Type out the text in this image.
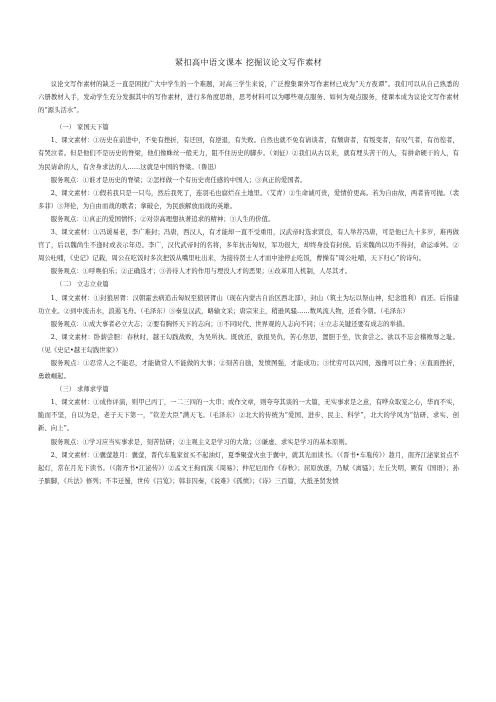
紧扣高中语文课本 挖掘议论文写作素材

议论文写作素材的缺乏一直是困扰广大中学生的一个难题，对高三学生来说，广泛搜集课外写作素材已成为“天方夜谭”。我们可以从自己熟悉的六册教材入手，发动学生充分发掘其中的写作素材，进行多角度思维，思考材料可以为哪些观点服务、如何为观点服务，使课本成为议论文写作素材的“源头活水”。

（一） 家国天下篇

1、课文素材：①历史在前进中，不免有挫折，有迂回，有逆退，有失败。自然也就不免有请谈者，有颓唐者，有叛变者，有叹气者，有彷徨者，有哭泣者。但是他们不是历史的脊梁，他们像蛛丝一般无力，阻不住历史的脚步。（刘征）②我们从古以来，就有埋头苦干的人，有拼命硬干的人，有为民请命的人，有舍身求法的人……这就是中国的脊梁。（鲁迅）

服务观点：①谁才是历史的脊梁；②怎样做一个有历史责任感的中国人；③真正的爱国者。

2、课文素材：①假若我只是一只鸟，然后我死了，连羽毛也腐烂在土地里。（艾青）②生命诚可贵，爱情价更高。若为自由故，两者皆可抛。（裴多菲）③拜伦，为自由而战的歌者；拿破仑，为民族解放而战的英雄。

服务观点：①真正的爱国情怀；②对崇高理想执著追求的精神；③人生的价值。

3、课文素材：①冯谖易老，李广难封；冯唐，西汉人，有才能却一直不受重用，汉武帝时选求贤良，有人举荐冯唐，可是他已九十多岁，难再做官了，后以魏尚生不逢时或表示年迈。李广，汉代武帝时的名将，多年抗击匈奴，军功很大，却终身没有封侯。后来魏尚以功不得封，命运乖舛。②周公吐哺，《史记》记载，周公在吃饭时多次把饭从嘴里吐出来，为接待贤士人才而中途停止吃饭，曹操有“周公吐哺，天下归心”的诗句。

服务观点：①呼唤伯乐；②正确选才；③善待人才的作用与埋没人才的恶果；④改革用人机制，人尽其才。

（二） 立志立业篇

1、课文素材：①封狼居胥：汉朝霍去病追击匈奴至狼居胥山（现在内蒙古自治区西北部），封山（筑土为坛以祭山神，纪念胜利）而还。后指建功立业。②到中流击水，浪遏飞舟。（毛泽东）③秦皇汉武，略输文采；唐宗宋主，稍逊风骚……数风流人物，还看今朝。（毛泽东）

服务观点：①成大事者必立大志；②要有胸怀天下的志向；③不同时代、世界观的人志向不同；④立志关键还要有成志的举措。

2、课文素材：卧薪尝胆：春秋时，越王勾践战败，为吴所执。既放还，欲报吴仇，苦心焦思，置胆于坐，饮食尝之。欲以不忘会稽败辱之耻。（见《史记•越王勾践世家》）

服务观点：①忍常人之不能忍，才能做常人不能做的大事；②刻苦自励，发愤图强，才能成功；③忧劳可以兴国，逸豫可以亡身；④直面挫折，勇敢崛起。

（三） 求师求学篇

1、课文素材：①成作评演，则甲已丙丁，一二三四的一大串；或作文章，则夸夸其谈的一大篇，无实事求是之意，有哗众取宠之心，华而不实，脆而不坚，自以为是，老子天下第一，“钦差大臣”满天飞。（毛泽东）②北大的传统为“爱国、进步、民主、科学”，北大的学风为“钻研、求实、创新、向上”。

服务观点：①学习应当实事求是，刻苦钻研；②主观主义是学习的大敌；③谦虚、求实是学习的基本原则。

2、课文素材：①囊萤趁月：囊萤，晋代车胤家贫买不起油灯，夏季聚萤火虫于囊中，就其光而读书。（《晋书•车胤传》）趁月，南齐江泌家贫点不起灯，常在月光下读书。（《南齐书•江泌传》）②孟文王拘而演《周易》；仲尼厄而作《春秋》；屈原放逐，乃赋《离骚》；左丘失明，厥有《国语》；孙子膑脚，《兵法》修列；不韦迁蜀，世传《吕览》；韩非囚秦，《说难》《孤愤》；《诗》三百篇，大抵圣贤发愤
